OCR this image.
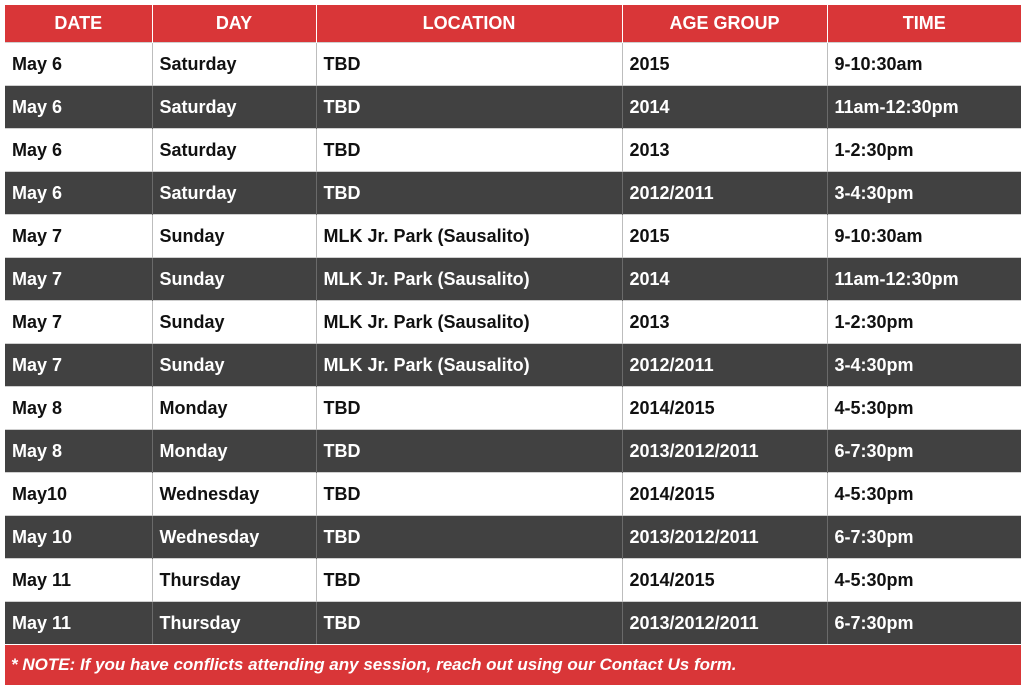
DATE	DAY	LOCATION	AGE GROUP	TIME
May 6	Saturday	TBD	2015	9-10:30am
May 6	Saturday	TBD	2014	11am-12:30pm
May 6	Saturday	TBD	2013	1-2:30pm
May 6	Saturday	TBD	2012/2011	3-4:30pm
May 7	Sunday	MLK Jr. Park (Sausalito)	2015	9-10:30am
May 7	Sunday	MLK Jr. Park (Sausalito)	2014	11am-12:30pm
May 7	Sunday	MLK Jr. Park (Sausalito)	2013	1-2:30pm
May 7	Sunday	MLK Jr. Park (Sausalito)	2012/2011	3-4:30pm
May 8	Monday	TBD	2014/2015	4-5:30pm
May 8	Monday	TBD	2013/2012/2011	6-7:30pm
May10	Wednesday	TBD	2014/2015	4-5:30pm
May 10	Wednesday	TBD	2013/2012/2011	6-7:30pm
May 11	Thursday	TBD	2014/2015	4-5:30pm
May 11	Thursday	TBD	2013/2012/2011	6-7:30pm
* NOTE: If you have conflicts attending any session, reach out using our Contact Us form.
